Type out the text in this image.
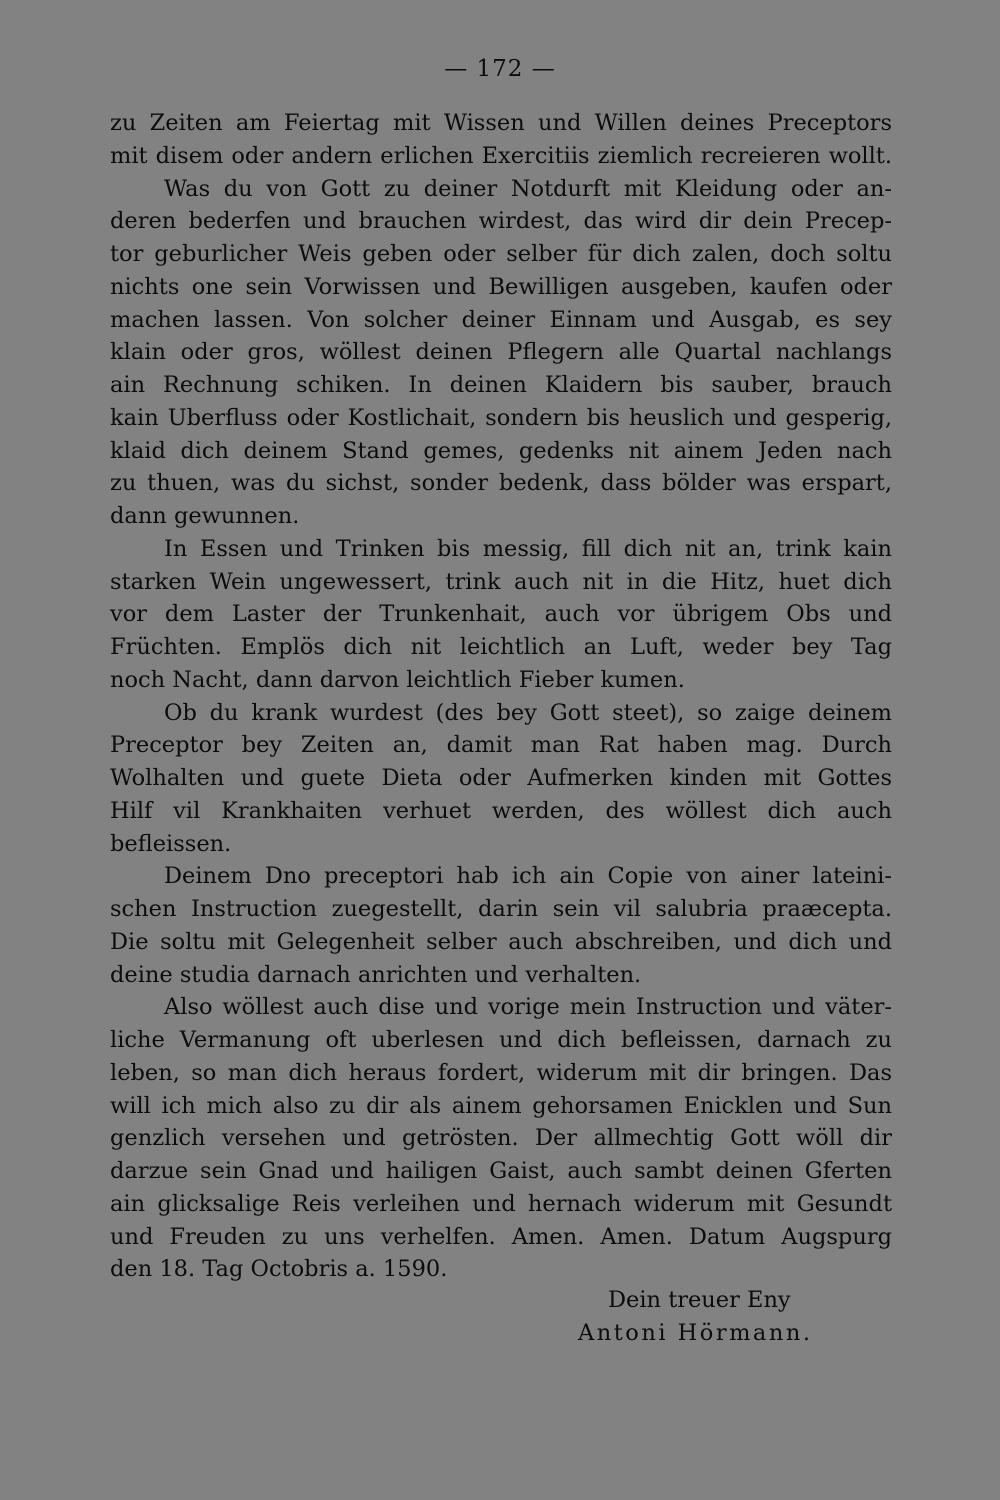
— 172 —
zu Zeiten am Feiertag mit Wissen und Willen deines Preceptors
mit disem oder andern erlichen Exercitiis ziemlich recreieren wollt.
Was du von Gott zu deiner Notdurft mit Kleidung oder an-
deren bederfen und brauchen wirdest, das wird dir dein Precep-
tor geburlicher Weis geben oder selber für dich zalen, doch soltu
nichts one sein Vorwissen und Bewilligen ausgeben, kaufen oder
machen lassen. Von solcher deiner Einnam und Ausgab, es sey
klain oder gros, wöllest deinen Pflegern alle Quartal nachlangs
ain Rechnung schiken. In deinen Klaidern bis sauber, brauch
kain Uberfluss oder Kostlichait, sondern bis heuslich und gesperig,
klaid dich deinem Stand gemes, gedenks nit ainem Jeden nach
zu thuen, was du sichst, sonder bedenk, dass bölder was erspart,
dann gewunnen.
In Essen und Trinken bis messig, fill dich nit an, trink kain
starken Wein ungewessert, trink auch nit in die Hitz, huet dich
vor dem Laster der Trunkenhait, auch vor übrigem Obs und
Früchten. Emplös dich nit leichtlich an Luft, weder bey Tag
noch Nacht, dann darvon leichtlich Fieber kumen.
Ob du krank wurdest (des bey Gott steet), so zaige deinem
Preceptor bey Zeiten an, damit man Rat haben mag. Durch
Wolhalten und guete Dieta oder Aufmerken kinden mit Gottes
Hilf vil Krankhaiten verhuet werden, des wöllest dich auch
befleissen.
Deinem Dno preceptori hab ich ain Copie von ainer lateini-
schen Instruction zuegestellt, darin sein vil salubria praæcepta.
Die soltu mit Gelegenheit selber auch abschreiben, und dich und
deine studia darnach anrichten und verhalten.
Also wöllest auch dise und vorige mein Instruction und väter-
liche Vermanung oft uberlesen und dich befleissen, darnach zu
leben, so man dich heraus fordert, widerum mit dir bringen. Das
will ich mich also zu dir als ainem gehorsamen Enicklen und Sun
genzlich versehen und getrösten. Der allmechtig Gott wöll dir
darzue sein Gnad und hailigen Gaist, auch sambt deinen Gferten
ain glicksalige Reis verleihen und hernach widerum mit Gesundt
und Freuden zu uns verhelfen. Amen. Amen. Datum Augspurg
den 18. Tag Octobris a. 1590.
Dein treuer Eny
Antoni Hörmann.
